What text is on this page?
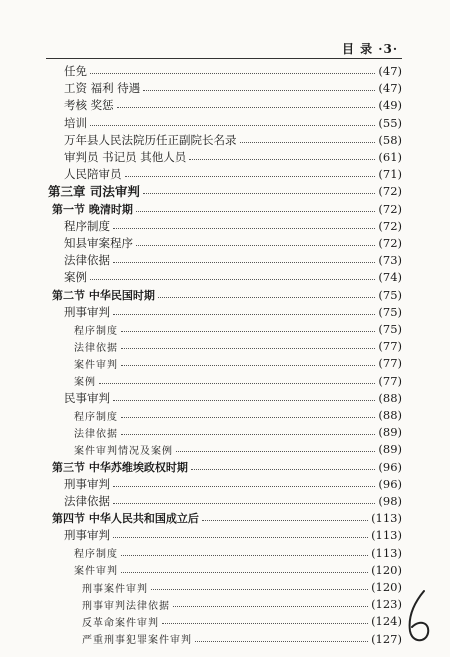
目 录 ·3·
任免	(47)
工资 福利 待遇	(47)
考核 奖惩	(49)
培训	(55)
万年县人民法院历任正副院长名录	(58)
审判员 书记员 其他人员	(61)
人民陪审员	(71)
第三章 司法审判	(72)
第一节 晚清时期	(72)
程序制度	(72)
知县审案程序	(72)
法律依据	(73)
案例	(74)
第二节 中华民国时期	(75)
刑事审判	(75)
程序制度	(75)
法律依据	(77)
案件审判	(77)
案例	(77)
民事审判	(88)
程序制度	(88)
法律依据	(89)
案件审判情况及案例	(89)
第三节 中华苏维埃政权时期	(96)
刑事审判	(96)
法律依据	(98)
第四节 中华人民共和国成立后	(113)
刑事审判	(113)
程序制度	(113)
案件审判	(120)
刑事案件审判	(120)
刑事审判法律依据	(123)
反革命案件审判	(124)
严重刑事犯罪案件审判	(127)
